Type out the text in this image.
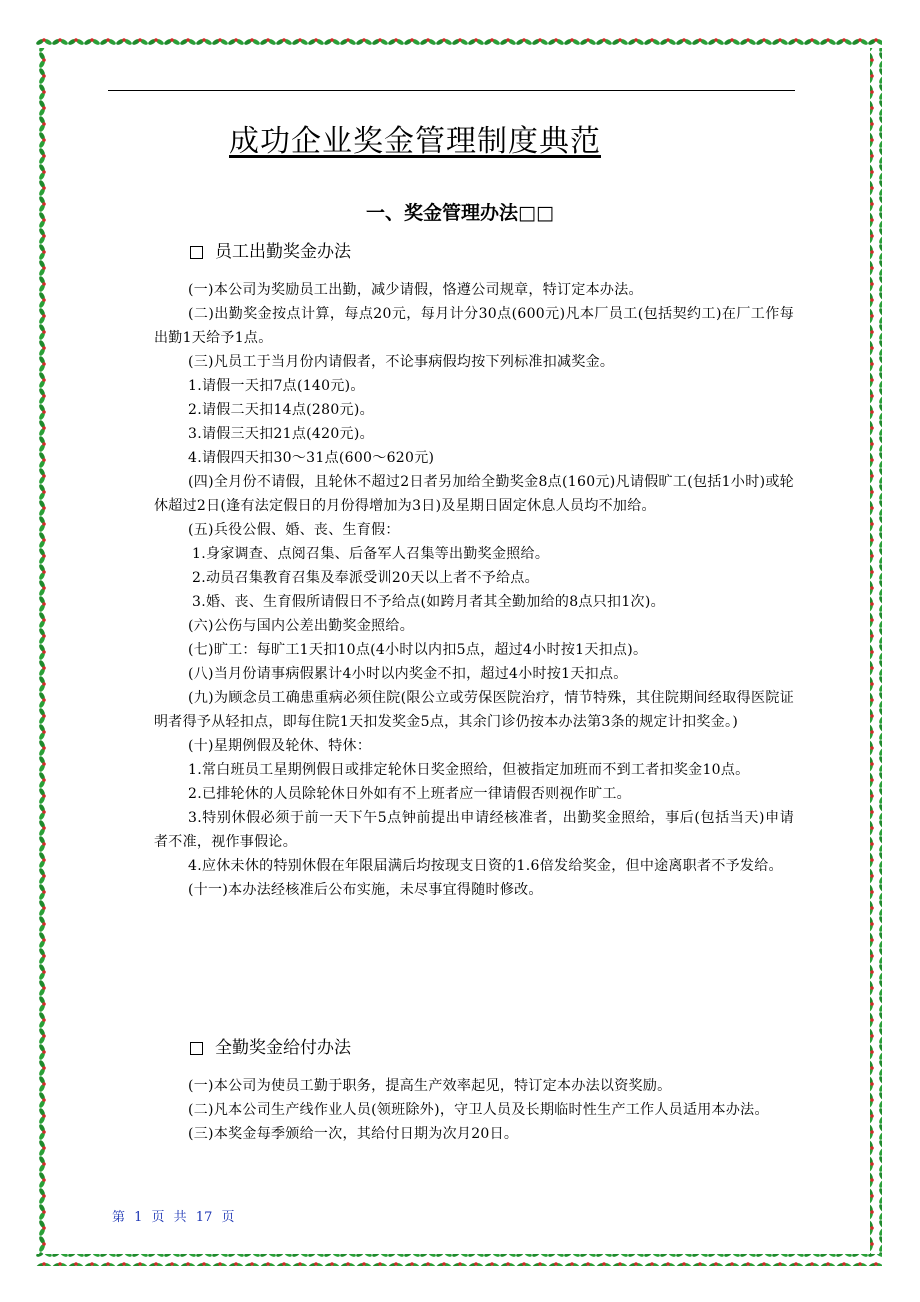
成功企业奖金管理制度典范
一、奖金管理办法□□
员工出勤奖金办法

(一)本公司为奖励员工出勤，减少请假，恪遵公司规章，特订定本办法。

(二)出勤奖金按点计算，每点20元，每月计分30点(600元)凡本厂员工(包括契约工)在厂工作每出勤1天给予1点。

(三)凡员工于当月份内请假者，不论事病假均按下列标准扣减奖金。

1.请假一天扣7点(140元)。

2.请假二天扣14点(280元)。

3.请假三天扣21点(420元)。

4.请假四天扣30～31点(600～620元)

(四)全月份不请假，且轮休不超过2日者另加给全勤奖金8点(160元)凡请假旷工(包括1小时)或轮休超过2日(逢有法定假日的月份得增加为3日)及星期日固定休息人员均不加给。

(五)兵役公假、婚、丧、生育假：

1.身家调查、点阅召集、后备军人召集等出勤奖金照给。

2.动员召集教育召集及奉派受训20天以上者不予给点。

3.婚、丧、生育假所请假日不予给点(如跨月者其全勤加给的8点只扣1次)。

(六)公伤与国内公差出勤奖金照给。

(七)旷工：每旷工1天扣10点(4小时以内扣5点，超过4小时按1天扣点)。

(八)当月份请事病假累计4小时以内奖金不扣，超过4小时按1天扣点。

(九)为顾念员工确患重病必须住院(限公立或劳保医院治疗，情节特殊，其住院期间经取得医院证明者得予从轻扣点，即每住院1天扣发奖金5点，其余门诊仍按本办法第3条的规定计扣奖金。)

(十)星期例假及轮休、特休：

1.常白班员工星期例假日或排定轮休日奖金照给，但被指定加班而不到工者扣奖金10点。

2.已排轮休的人员除轮休日外如有不上班者应一律请假否则视作旷工。

3.特别休假必须于前一天下午5点钟前提出申请经核准者，出勤奖金照给，事后(包括当天)申请者不准，视作事假论。

4.应休未休的特别休假在年限届满后均按现支日资的1.6倍发给奖金，但中途离职者不予发给。

(十一)本办法经核准后公布实施，未尽事宜得随时修改。

全勤奖金给付办法

(一)本公司为使员工勤于职务，提高生产效率起见，特订定本办法以资奖励。

(二)凡本公司生产线作业人员(领班除外)，守卫人员及长期临时性生产工作人员适用本办法。

(三)本奖金每季颁给一次，其给付日期为次月20日。

第 1 页 共 17 页
